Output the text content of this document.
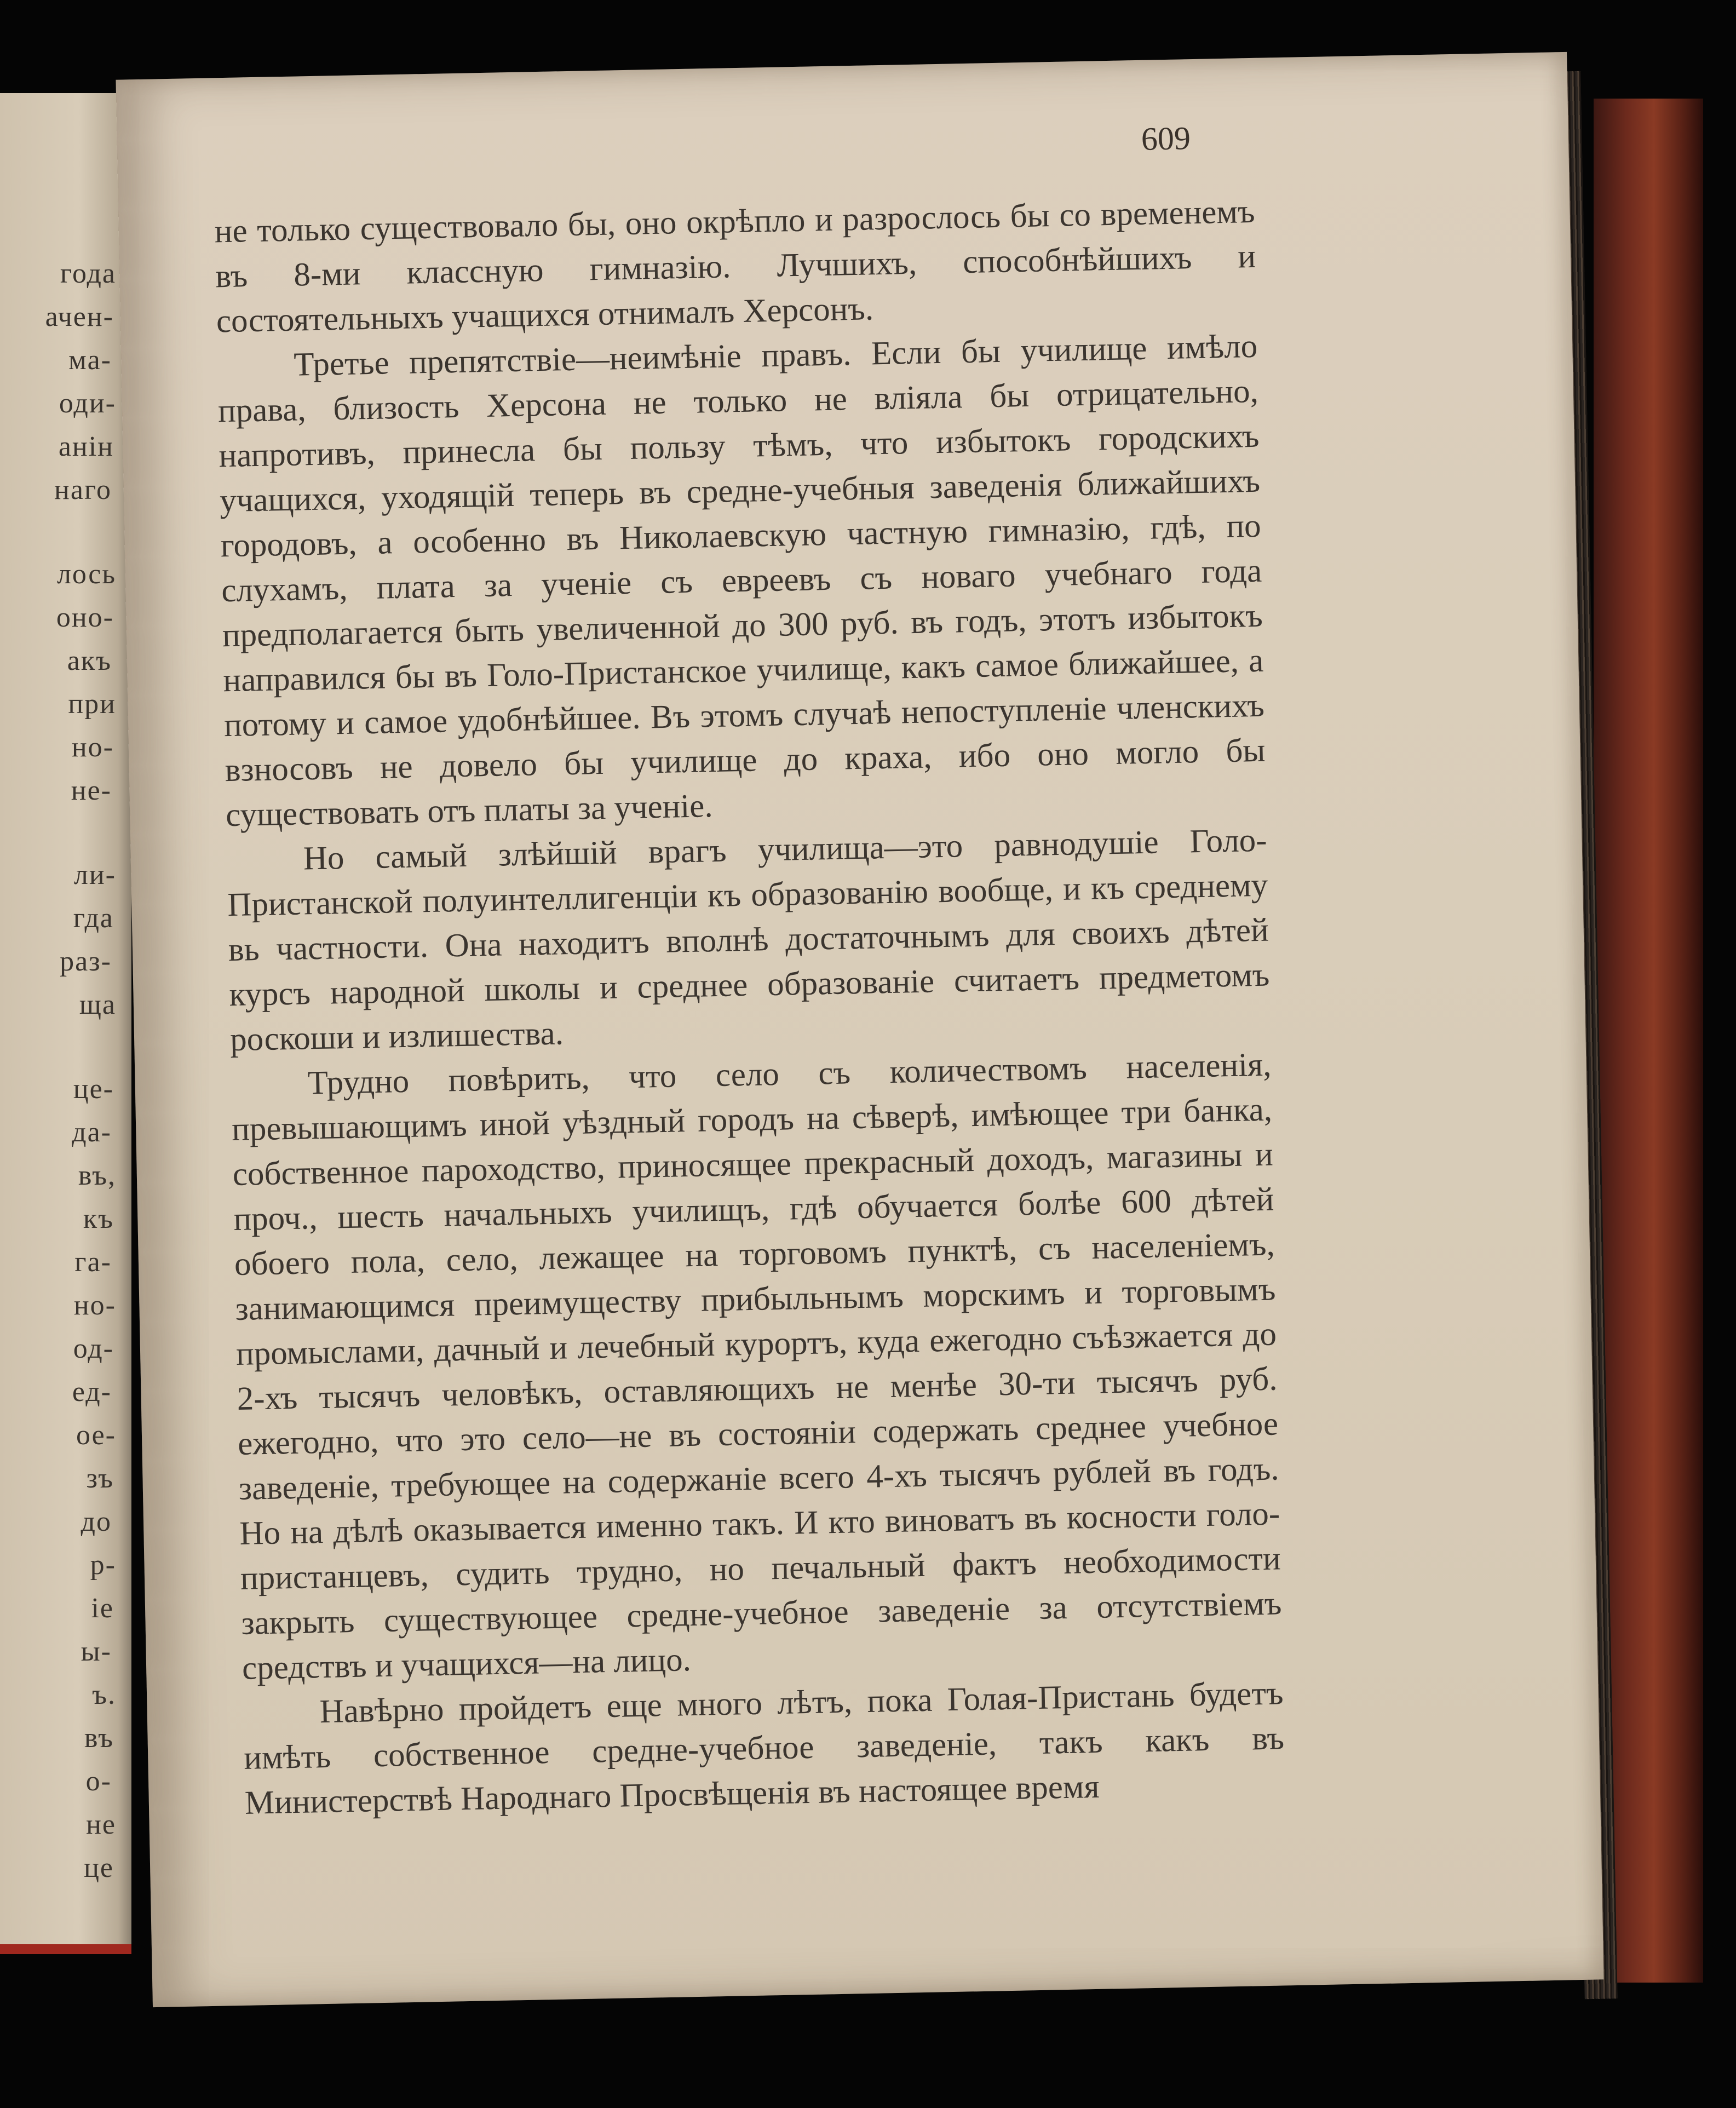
года
ачен-
ма-
оди-
анін
наго
лось
оно-
акъ
при
но-
не-
ли-
гда
раз-
ща
це-
да-
въ,
къ
га-
но-
од-
ед-
ое-
зъ
до
р-
іе
ы-
ъ.
въ
о-
не
це
609

не только существовало бы, оно окрѣпло и разрослось бы со временемъ въ 8-ми классную гимназію. Лучшихъ, способнѣйшихъ и состоятельныхъ учащихся отнималъ Херсонъ.

Третье препятствіе—неимѣніе правъ. Если бы училище имѣло права, близость Херсона не только не вліяла бы отрицательно, напротивъ, принесла бы пользу тѣмъ, что избытокъ городскихъ учащихся, уходящій теперь въ средне-учебныя заведенія ближайшихъ городовъ, а особенно въ Николаевскую частную гимназію, гдѣ, по слухамъ, плата за ученіе съ евреевъ съ новаго учебнаго года предполагается быть увеличенной до 300 руб. въ годъ, этотъ избытокъ направился бы въ Голо-Пристанское училище, какъ самое ближайшее, а потому и самое удобнѣйшее. Въ этомъ случаѣ непоступленіе членскихъ взносовъ не довело бы училище до краха, ибо оно могло бы существовать отъ платы за ученіе.

Но самый злѣйшій врагъ училища—это равнодушіе Голо-Пристанской полуинтеллигенціи къ образованію вообще, и къ среднему вь частности. Она находитъ вполнѣ достаточнымъ для своихъ дѣтей курсъ народной школы и среднее образованіе считаетъ предметомъ роскоши и излишества.

Трудно повѣрить, что село съ количествомъ населенія, превышающимъ иной уѣздный городъ на сѣверѣ, имѣющее три банка, собственное пароходство, приносящее прекрасный доходъ, магазины и проч., шесть начальныхъ училищъ, гдѣ обучается болѣе 600 дѣтей обоего пола, село, лежащее на торговомъ пунктѣ, съ населеніемъ, занимающимся преимуществу прибыльнымъ морскимъ и торговымъ промыслами, дачный и лечебный курортъ, куда ежегодно съѣзжается до 2-хъ тысячъ человѣкъ, оставляющихъ не менѣе 30-ти тысячъ руб. ежегодно, что это село—не въ состояніи содержать среднее учебное заведеніе, требующее на содержаніе всего 4-хъ тысячъ рублей въ годъ. Но на дѣлѣ оказывается именно такъ. И кто виноватъ въ косности голо-пристанцевъ, судить трудно, но печальный фактъ необходимости закрыть существующее средне-учебное заведеніе за отсутствіемъ средствъ и учащихся—на лицо.

Навѣрно пройдетъ еще много лѣтъ, пока Голая-Пристань будетъ имѣть собственное средне-учебное заведеніе, такъ какъ въ Министерствѣ Народнаго Просвѣщенія въ настоящее время
